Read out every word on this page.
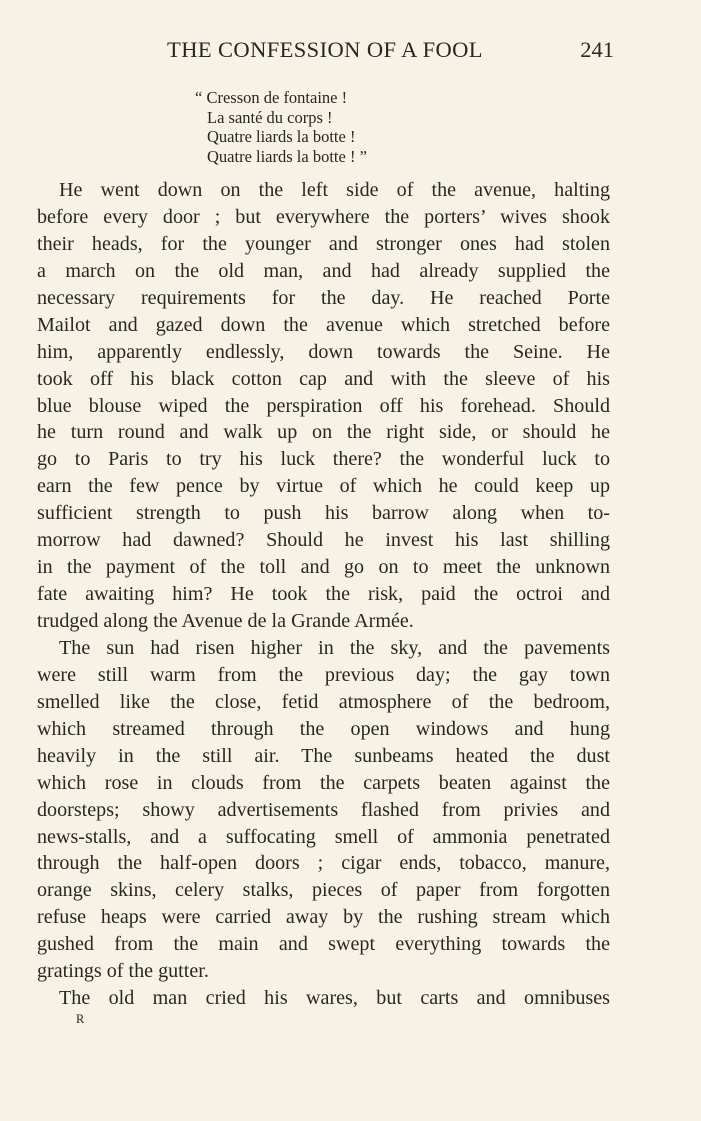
THE CONFESSION OF A FOOL	241
“ Cresson de fontaine !
La santé du corps !
Quatre liards la botte !
Quatre liards la botte ! ”
He went down on the left side of the avenue, halting
before every door ; but everywhere the porters’ wives shook
their heads, for the younger and stronger ones had stolen
a march on the old man, and had already supplied the
necessary requirements for the day. He reached Porte
Mailot and gazed down the avenue which stretched before
him, apparently endlessly, down towards the Seine. He
took off his black cotton cap and with the sleeve of his
blue blouse wiped the perspiration off his forehead. Should
he turn round and walk up on the right side, or should he
go to Paris to try his luck there? the wonderful luck to
earn the few pence by virtue of which he could keep up
sufficient strength to push his barrow along when to-
morrow had dawned? Should he invest his last shilling
in the payment of the toll and go on to meet the unknown
fate awaiting him? He took the risk, paid the octroi and
trudged along the Avenue de la Grande Armée.
The sun had risen higher in the sky, and the pavements
were still warm from the previous day; the gay town
smelled like the close, fetid atmosphere of the bedroom,
which streamed through the open windows and hung
heavily in the still air. The sunbeams heated the dust
which rose in clouds from the carpets beaten against the
doorsteps; showy advertisements flashed from privies and
news-stalls, and a suffocating smell of ammonia penetrated
through the half-open doors ; cigar ends, tobacco, manure,
orange skins, celery stalks, pieces of paper from forgotten
refuse heaps were carried away by the rushing stream which
gushed from the main and swept everything towards the
gratings of the gutter.
The old man cried his wares, but carts and omnibuses
R
